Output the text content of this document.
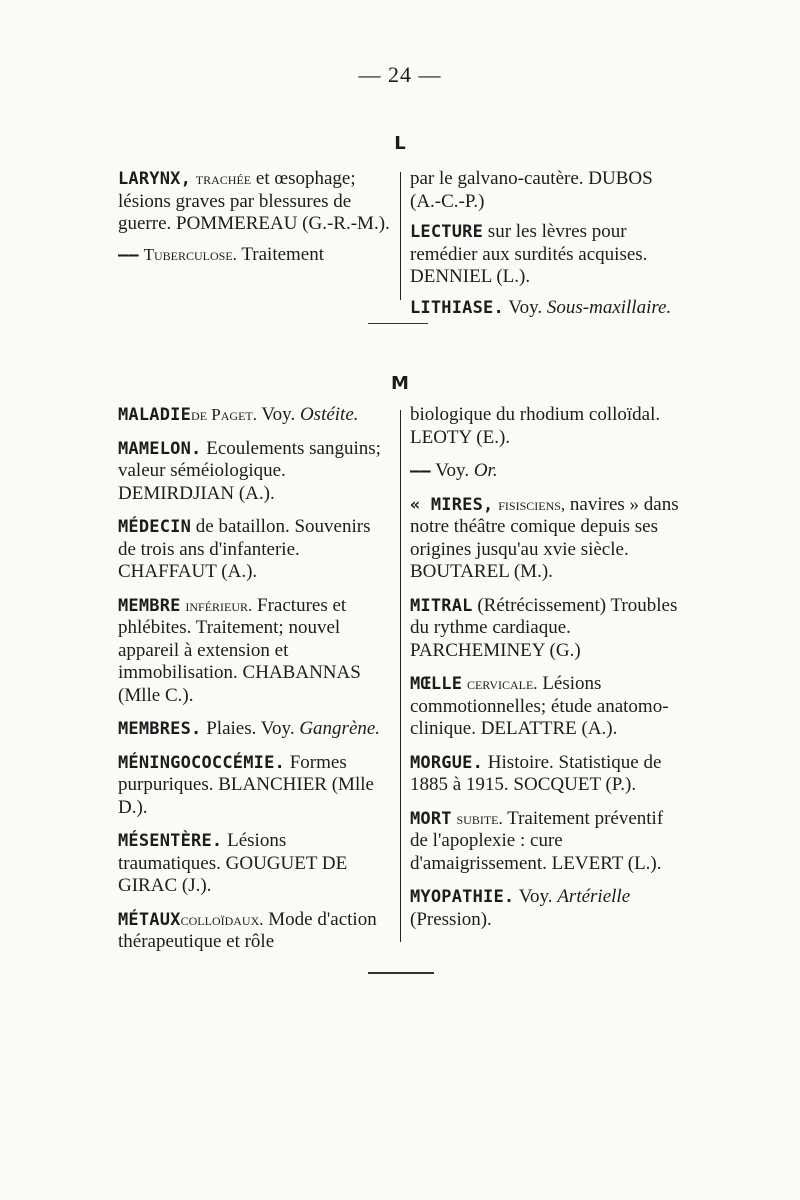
— 24 —
L
LARYNX, trachée et œsophage; lésions graves par blessures de guerre. POMMEREAU (G.-R.-M.).
—— Tuberculose. Traitement
par le galvano-cautère. DUBOS (A.-C.-P.)
LECTURE sur les lèvres pour remédier aux surdités acquises. DENNIEL (L.).
LITHIASE. Voy. Sous-maxillaire.
M
MALADIEde Paget. Voy. Ostéite.
MAMELON. Ecoulements sanguins; valeur séméiologique. DEMIRDJIAN (A.).
MÉDECIN de bataillon. Souvenirs de trois ans d'infanterie. CHAFFAUT (A.).
MEMBRE inférieur. Fractures et phlébites. Traitement; nouvel appareil à extension et immobilisation. CHABANNAS (Mlle C.).
MEMBRES. Plaies. Voy. Gangrène.
MÉNINGOCOCCÉMIE. Formes purpuriques. BLANCHIER (Mlle D.).
MÉSENTÈRE. Lésions traumatiques. GOUGUET DE GIRAC (J.).
MÉTAUXcolloïdaux. Mode d'action thérapeutique et rôle
biologique du rhodium colloïdal. LEOTY (E.).
—— Voy. Or.
« MIRES, fisisciens, navires » dans notre théâtre comique depuis ses origines jusqu'au xvie siècle. BOUTAREL (M.).
MITRAL (Rétrécissement) Troubles du rythme cardiaque. PARCHEMINEY (G.)
MŒLLE cervicale. Lésions commotionnelles; étude anatomo-clinique. DELATTRE (A.).
MORGUE. Histoire. Statistique de 1885 à 1915. SOCQUET (P.).
MORT subite. Traitement préventif de l'apoplexie : cure d'amaigrissement. LEVERT (L.).
MYOPATHIE. Voy. Artérielle (Pression).
